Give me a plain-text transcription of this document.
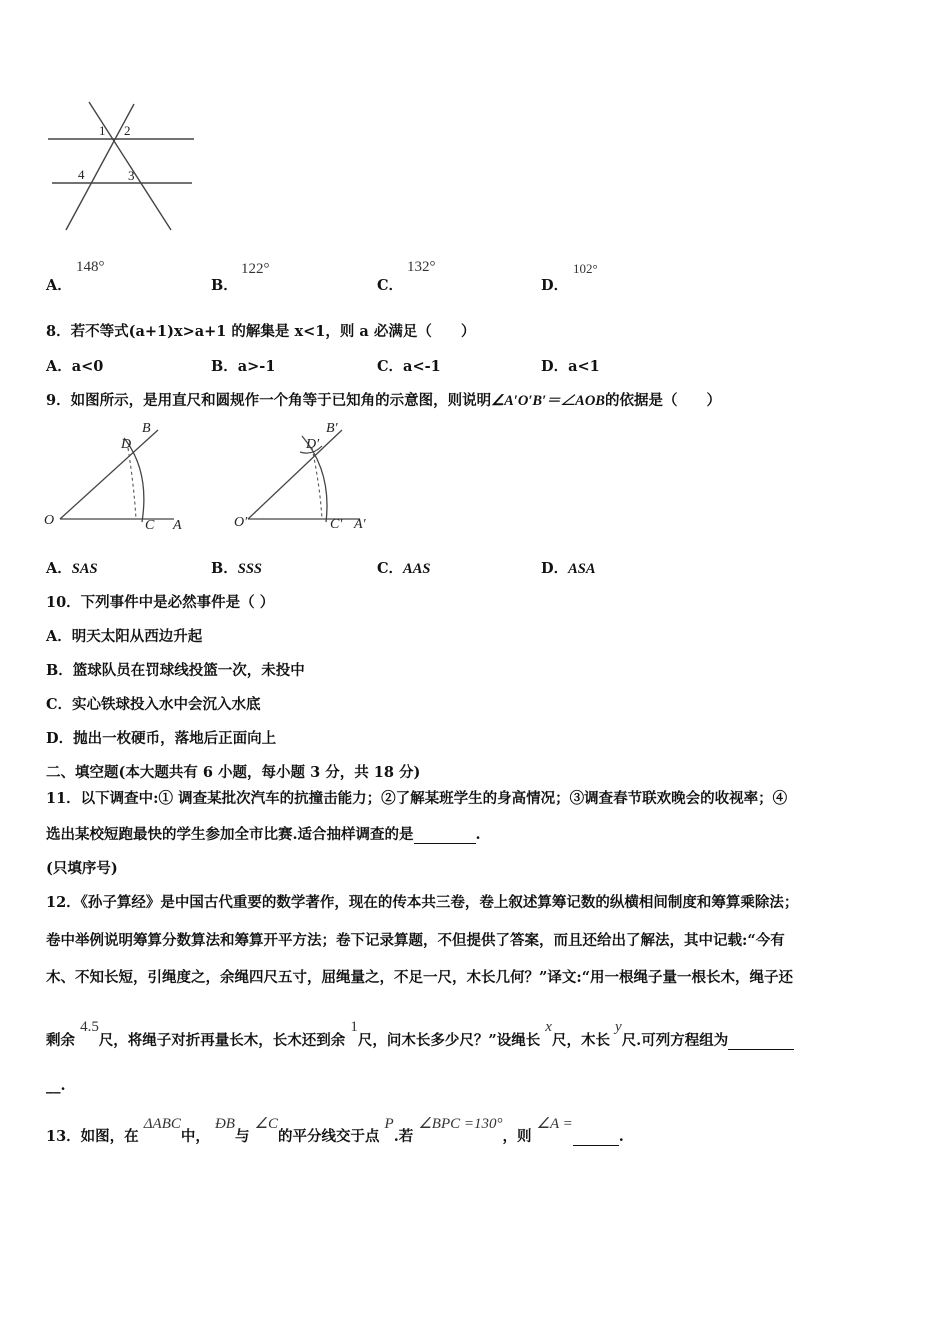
1 2
3
4
A．
148°
B．
122°
C．
132°
D．
102°
8．若不等式(a+1)x>a+1 的解集是 x<1，则 a 必满足（　　）
A．a<0	B．a>-1	C．a<-1	D．a<1
9．如图所示，是用直尺和圆规作一个角等于已知角的示意图，则说明∠A′O′B′＝∠AOB的依据是（　　）
O	C A
B
D
O′	C′ A′
B′
D′
A．SAS	B．SSS	C．AAS	D．ASA
10．下列事件中是必然事件是（ ）
A．明天太阳从西边升起
B．篮球队员在罚球线投篮一次，未投中
C．实心铁球投入水中会沉入水底
D．抛出一枚硬币，落地后正面向上
二、填空题(本大题共有 6 小题，每小题 3 分，共 18 分)
11．以下调查中:① 调查某批次汽车的抗撞击能力；②了解某班学生的身高情况；③调查春节联欢晚会的收视率；④
选出某校短跑最快的学生参加全市比赛.适合抽样调查的是	.
(只填序号)
12．《孙子算经》是中国古代重要的数学著作，现在的传本共三卷，卷上叙述算筹记数的纵横相间制度和筹算乘除法；
卷中举例说明筹算分数算法和筹算开平方法；卷下记录算题，不但提供了答案，而且还给出了解法，其中记载:“今有
木、不知长短，引绳度之，余绳四尺五寸，屈绳量之，不足一尺，木长几何？”译文:“用一根绳子量一根长木，绳子还
剩余 4.5尺，将绳子对折再量长木，长木还到余 1尺，问木长多少尺？”设绳长 x尺，木长 y尺.可列方程组为
__.
13．如图，在 ΔABC中， ÐB与 ∠C的平分线交于点 P.若 ∠BPC =130°，则 ∠A = .
